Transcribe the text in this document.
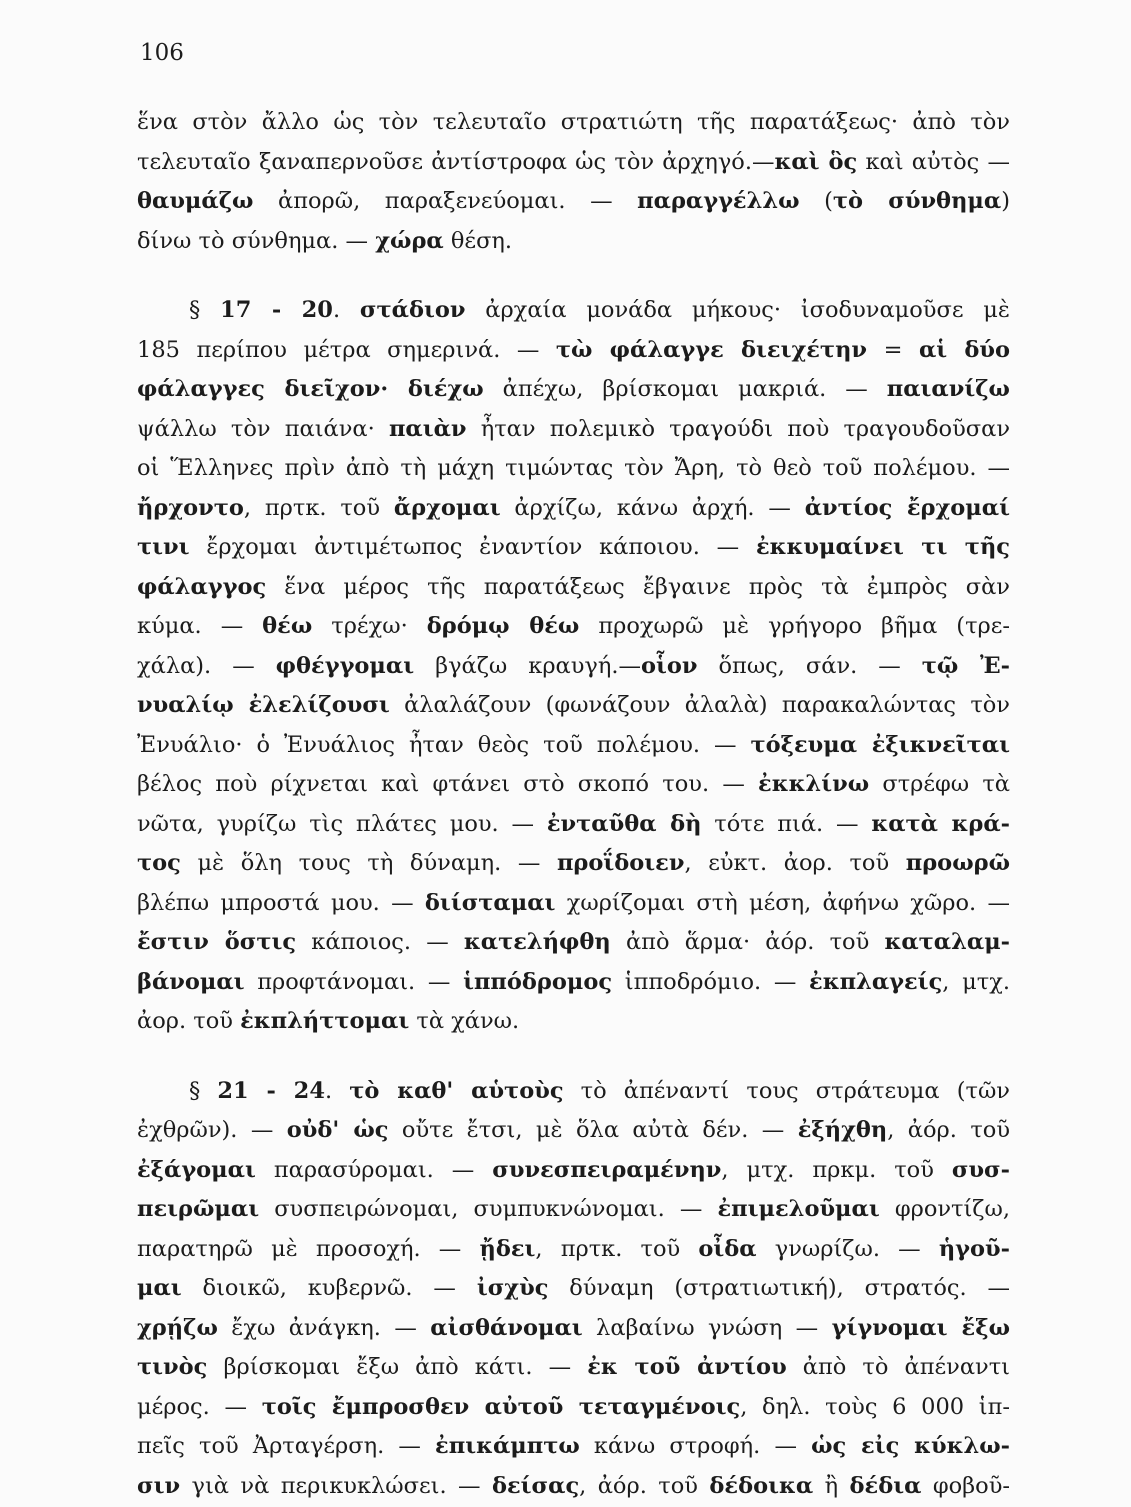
106
ἕνα στὸν ἄλλο ὡς τὸν τελευταῖο στρατιώτη τῆς παρατάξεως· ἀπὸ τὸν
τελευταῖο ξαναπερνοῦσε ἀντίστροφα ὡς τὸν ἀρχηγό.—καὶ ὃς καὶ αὐτὸς —
θαυμάζω ἀπορῶ, παραξενεύομαι. — παραγγέλλω (τὸ σύνθημα)
δίνω τὸ σύνθημα. — χώρα θέση.
§ 17 - 20. στάδιον ἀρχαία μονάδα μήκους· ἰσοδυναμοῦσε μὲ
185 περίπου μέτρα σημερινά. — τὼ φάλαγγε διειχέτην = αἱ δύο
φάλαγγες διεῖχον· διέχω ἀπέχω, βρίσκομαι μακριά. — παιανίζω
ψάλλω τὸν παιάνα· παιὰν ἦταν πολεμικὸ τραγούδι ποὺ τραγουδοῦσαν
οἱ Ἕλληνες πρὶν ἀπὸ τὴ μάχη τιμώντας τὸν Ἄρη, τὸ θεὸ τοῦ πολέμου. —
ἤρχοντο, πρτκ. τοῦ ἄρχομαι ἀρχίζω, κάνω ἀρχή. — ἀντίος ἔρχομαί
τινι ἔρχομαι ἀντιμέτωπος ἐναντίον κάποιου. — ἐκκυμαίνει τι τῆς
φάλαγγος ἕνα μέρος τῆς παρατάξεως ἔβγαινε πρὸς τὰ ἐμπρὸς σὰν
κύμα. — θέω τρέχω· δρόμῳ θέω προχωρῶ μὲ γρήγορο βῆμα (τρε-
χάλα). — φθέγγομαι βγάζω κραυγή.—οἷον ὅπως, σάν. — τῷ Ἐ-
νυαλίῳ ἐλελίζουσι ἀλαλάζουν (φωνάζουν ἀλαλὰ) παρακαλώντας τὸν
Ἐνυάλιο· ὁ Ἐνυάλιος ἦταν θεὸς τοῦ πολέμου. — τόξευμα ἐξικνεῖται
βέλος ποὺ ρίχνεται καὶ φτάνει στὸ σκοπό του. — ἐκκλίνω στρέφω τὰ
νῶτα, γυρίζω τὶς πλάτες μου. — ἐνταῦθα δὴ τότε πιά. — κατὰ κρά-
τος μὲ ὅλη τους τὴ δύναμη. — προΐδοιεν, εὐκτ. ἀορ. τοῦ προωρῶ
βλέπω μπροστά μου. — διίσταμαι χωρίζομαι στὴ μέση, ἀφήνω χῶρο. —
ἔστιν ὅστις κάποιος. — κατελήφθη ἀπὸ ἅρμα· ἀόρ. τοῦ καταλαμ-
βάνομαι προφτάνομαι. — ἱππόδρομος ἱπποδρόμιο. — ἐκπλαγείς, μτχ.
ἀορ. τοῦ ἐκπλήττομαι τὰ χάνω.
§ 21 - 24. τὸ καθ' αὑτοὺς τὸ ἀπέναντί τους στράτευμα (τῶν
ἐχθρῶν). — οὐδ' ὡς οὔτε ἔτσι, μὲ ὅλα αὐτὰ δέν. — ἐξήχθη, ἀόρ. τοῦ
ἐξάγομαι παρασύρομαι. — συνεσπειραμένην, μτχ. πρκμ. τοῦ συσ-
πειρῶμαι συσπειρώνομαι, συμπυκνώνομαι. — ἐπιμελοῦμαι φροντίζω,
παρατηρῶ μὲ προσοχή. — ᾔδει, πρτκ. τοῦ οἶδα γνωρίζω. — ἡγοῦ-
μαι διοικῶ, κυβερνῶ. — ἰσχὺς δύναμη (στρατιωτική), στρατός. —
χρῄζω ἔχω ἀνάγκη. — αἰσθάνομαι λαβαίνω γνώση — γίγνομαι ἔξω
τινὸς βρίσκομαι ἔξω ἀπὸ κάτι. — ἐκ τοῦ ἀντίου ἀπὸ τὸ ἀπέναντι
μέρος. — τοῖς ἔμπροσθεν αὐτοῦ τεταγμένοις, δηλ. τοὺς 6 000 ἱπ-
πεῖς τοῦ Ἀρταγέρση. — ἐπικάμπτω κάνω στροφή. — ὡς εἰς κύκλω-
σιν γιὰ νὰ περικυκλώσει. — δείσας, ἀόρ. τοῦ δέδοικα ἢ δέδια φοβοῦ-
